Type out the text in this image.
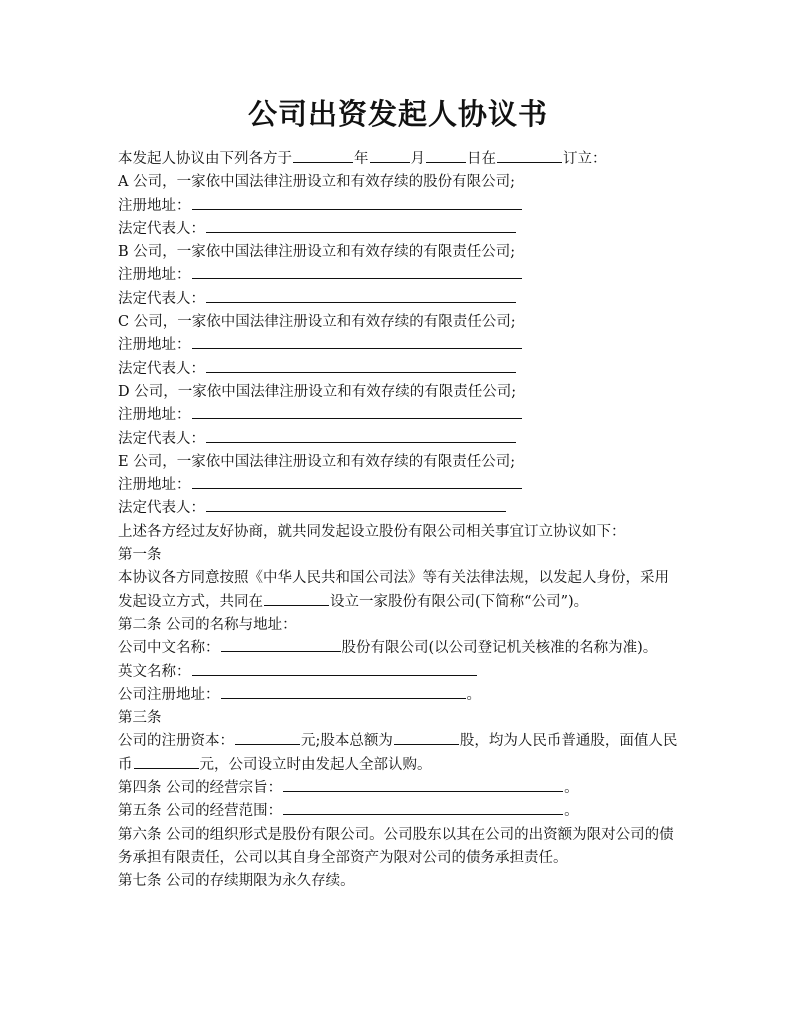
公司出资发起人协议书
本发起人协议由下列各方于	年	月	日在	订立：
A 公司，一家依中国法律注册设立和有效存续的股份有限公司;
注册地址：
法定代表人：
B 公司，一家依中国法律注册设立和有效存续的有限责任公司;
注册地址：
法定代表人：
C 公司，一家依中国法律注册设立和有效存续的有限责任公司;
注册地址：
法定代表人：
D 公司，一家依中国法律注册设立和有效存续的有限责任公司;
注册地址：
法定代表人：
E 公司，一家依中国法律注册设立和有效存续的有限责任公司;
注册地址：
法定代表人：
上述各方经过友好协商，就共同发起设立股份有限公司相关事宜订立协议如下：
第一条
本协议各方同意按照《中华人民共和国公司法》等有关法律法规，以发起人身份，采用发起设立方式，共同在	设立一家股份有限公司(下简称“公司”)。
第二条 公司的名称与地址：
公司中文名称：	股份有限公司(以公司登记机关核准的名称为准)。
英文名称：
公司注册地址：	。
第三条
公司的注册资本：	元;股本总额为	股，均为人民币普通股，面值人民币	元，公司设立时由发起人全部认购。
第四条 公司的经营宗旨：	。
第五条 公司的经营范围：	。
第六条 公司的组织形式是股份有限公司。公司股东以其在公司的出资额为限对公司的债务承担有限责任，公司以其自身全部资产为限对公司的债务承担责任。
第七条 公司的存续期限为永久存续。
